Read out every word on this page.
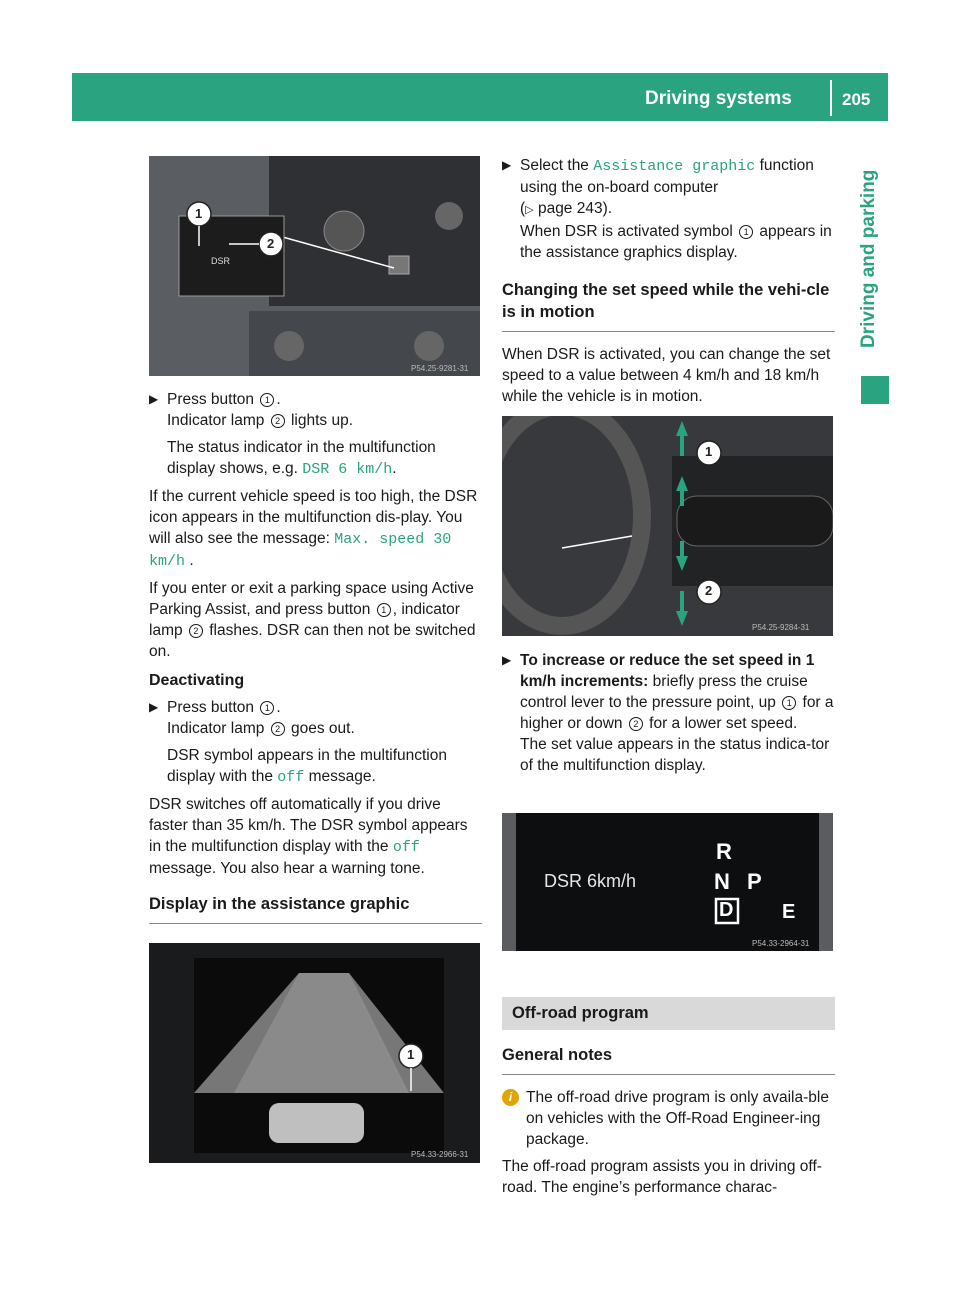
Driving systems	205
Driving and parking
1
2
DSR
P54.25-9281-31
▶ Press button 1 .
Indicator lamp 2 lights up.

The status indicator in the multifunction display shows, e.g. DSR 6 km/h.

If the current vehicle speed is too high, the DSR icon appears in the multifunction dis-play. You will also see the message: Max. speed 30 km/h .

If you enter or exit a parking space using Active Parking Assist, and press button 1 , indicator lamp 2 flashes. DSR can then not be switched on.

Deactivating
▶ Press button 1 .
Indicator lamp 2 goes out.

DSR symbol appears in the multifunction display with the off message.

DSR switches off automatically if you drive faster than 35 km/h. The DSR symbol appears in the multifunction display with the off message. You also hear a warning tone.

Display in the assistance graphic
1
P54.33-2966-31
▶ Select the Assistance graphic function using the on-board computer
(▷ page 243).
When DSR is activated symbol 1 appears in the assistance graphics display.
Changing the set speed while the vehi-cle is in motion

When DSR is activated, you can change the set speed to a value between 4 km/h and 18 km/h while the vehicle is in motion.

1
2
P54.25-9284-31
▶ To increase or reduce the set speed in 1 km/h increments: briefly press the cruise control lever to the pressure point, up 1 for a higher or down 2 for a lower set speed.
The set value appears in the status indica-tor of the multifunction display.
DSR 6km/h
R
N P
D E
P54.33-2964-31
Off-road program
General notes

i The off-road drive program is only availa-ble on vehicles with the Off-Road Engineer-ing package.

The off-road program assists you in driving off-road. The engine’s performance charac-
